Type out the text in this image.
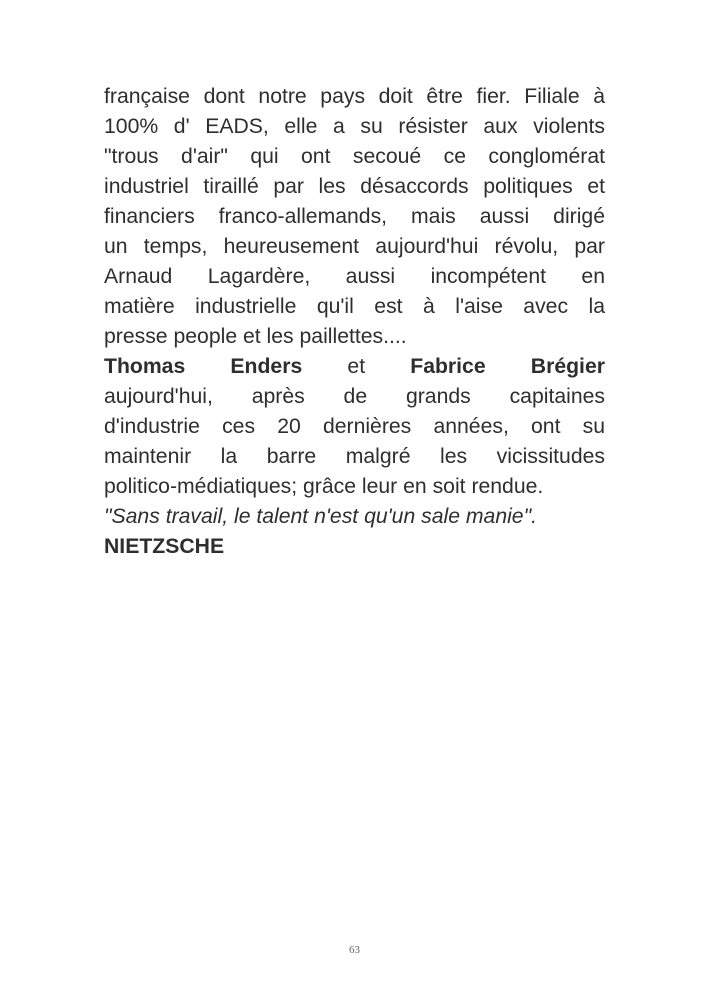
française dont notre pays doit être fier. Filiale à
100% d' EADS, elle a su résister aux violents
"trous d'air" qui ont secoué ce conglomérat
industriel tiraillé par les désaccords politiques et
financiers franco-allemands, mais aussi dirigé
un temps, heureusement aujourd'hui révolu, par
Arnaud Lagardère, aussi incompétent en
matière industrielle qu'il est à l'aise avec la
presse people et les paillettes....
Thomas Enders et Fabrice Brégier
aujourd'hui, après de grands capitaines
d'industrie ces 20 dernières années, ont su
maintenir la barre malgré les vicissitudes
politico-médiatiques; grâce leur en soit rendue.
"Sans travail, le talent n'est qu'un sale manie".
NIETZSCHE
63
